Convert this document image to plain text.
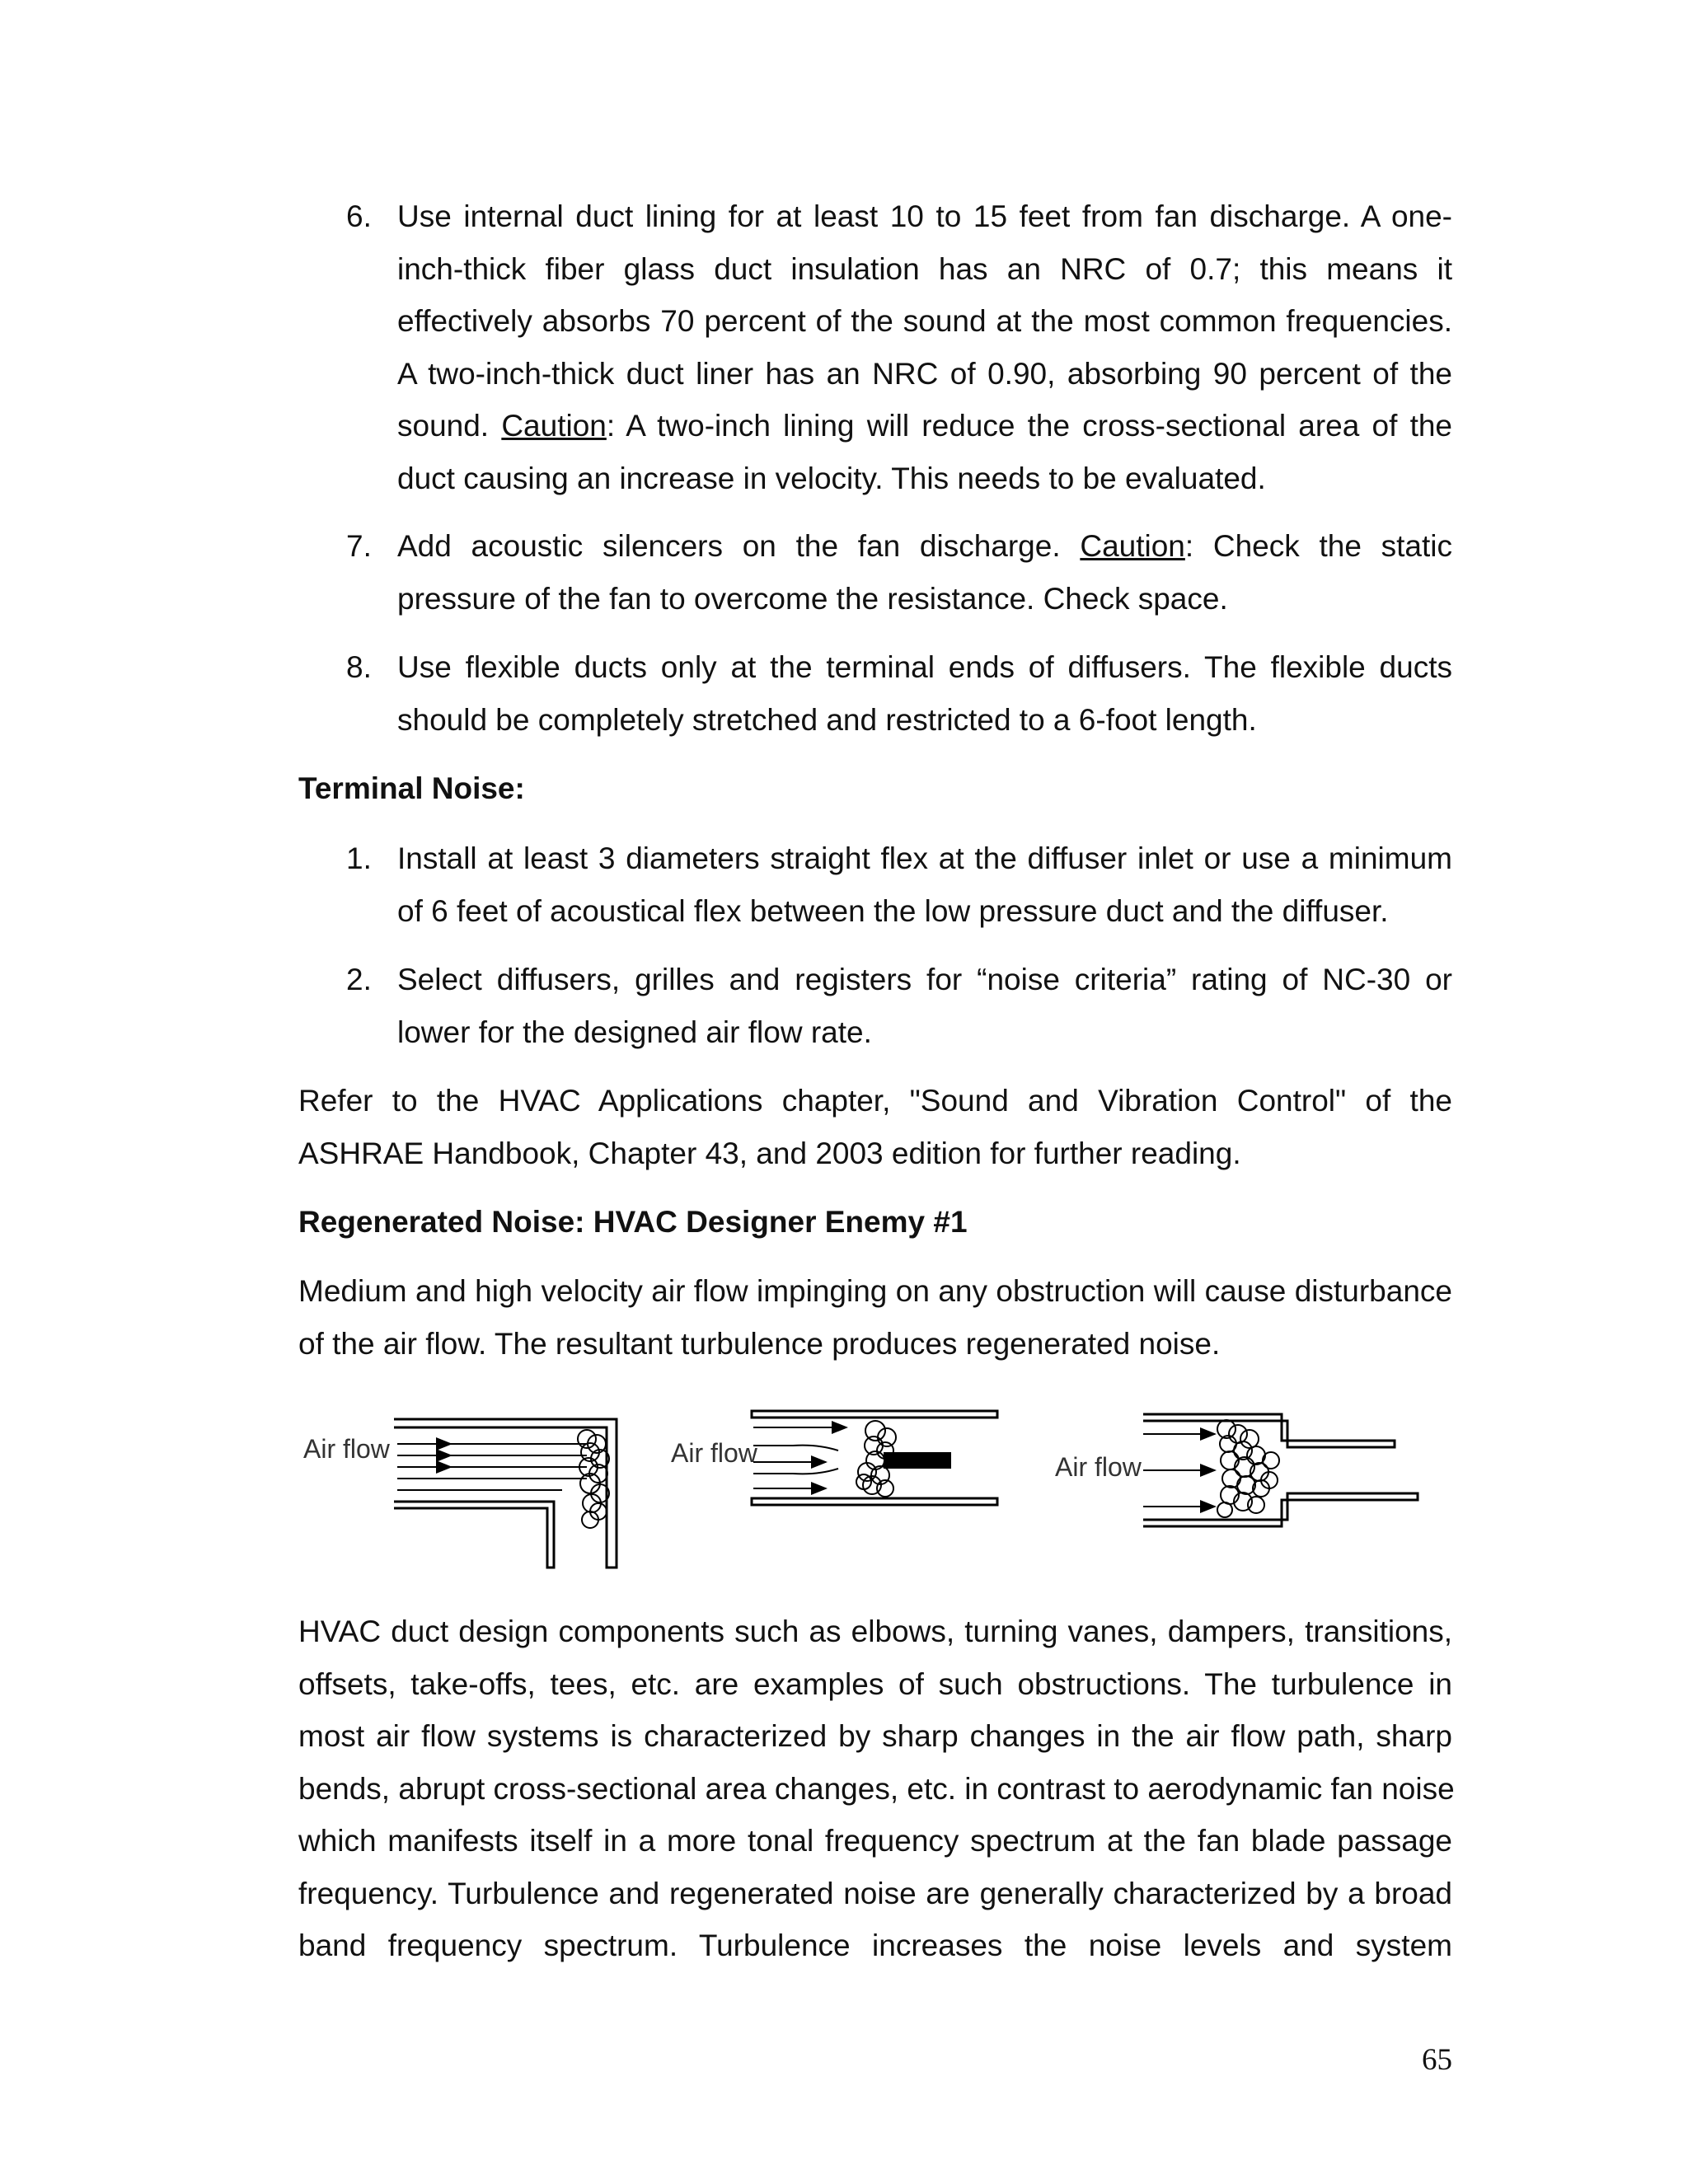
6. Use internal duct lining for at least 10 to 15 feet from fan discharge. A one-
inch-thick fiber glass duct insulation has an NRC of 0.7; this means it
effectively absorbs 70 percent of the sound at the most common frequencies.
A two-inch-thick duct liner has an NRC of 0.90, absorbing 90 percent of the
sound. Caution: A two-inch lining will reduce the cross-sectional area of the
duct causing an increase in velocity. This needs to be evaluated.
7. Add acoustic silencers on the fan discharge. Caution: Check the static
pressure of the fan to overcome the resistance. Check space.
8. Use flexible ducts only at the terminal ends of diffusers. The flexible ducts
should be completely stretched and restricted to a 6-foot length.
Terminal Noise:
1. Install at least 3 diameters straight flex at the diffuser inlet or use a minimum
of 6 feet of acoustical flex between the low pressure duct and the diffuser.
2. Select diffusers, grilles and registers for “noise criteria” rating of NC-30 or
lower for the designed air flow rate.
Refer to the HVAC Applications chapter, "Sound and Vibration Control" of the
ASHRAE Handbook, Chapter 43, and 2003 edition for further reading.
Regenerated Noise: HVAC Designer Enemy #1
Medium and high velocity air flow impinging on any obstruction will cause disturbance
of the air flow. The resultant turbulence produces regenerated noise.
Air flow	Air flow	Air flow
HVAC duct design components such as elbows, turning vanes, dampers, transitions,
offsets, take-offs, tees, etc. are examples of such obstructions. The turbulence in
most air flow systems is characterized by sharp changes in the air flow path, sharp
bends, abrupt cross-sectional area changes, etc. in contrast to aerodynamic fan noise
which manifests itself in a more tonal frequency spectrum at the fan blade passage
frequency. Turbulence and regenerated noise are generally characterized by a broad
band frequency spectrum. Turbulence increases the noise levels and system
65
